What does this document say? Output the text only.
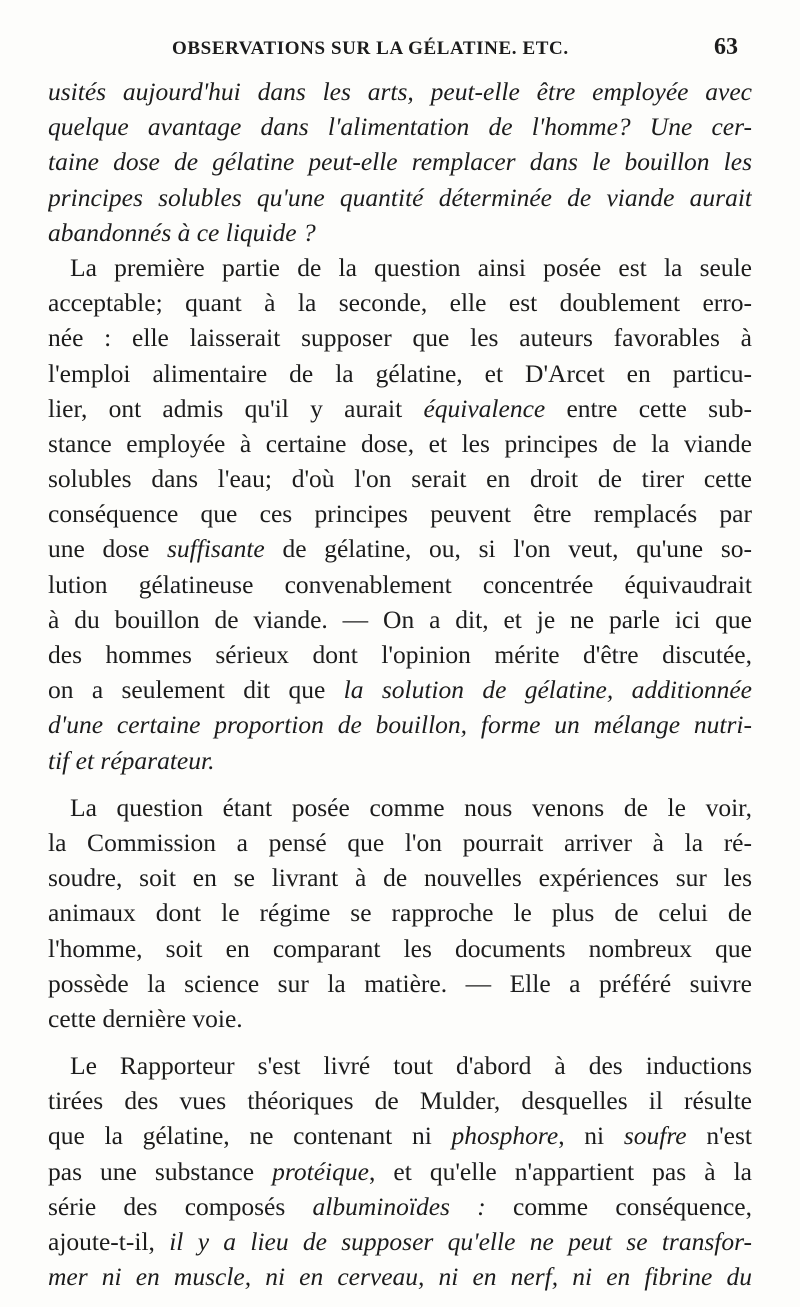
OBSERVATIONS SUR LA GÉLATINE. ETC.	63
usités aujourd'hui dans les arts, peut-elle être employée avec
quelque avantage dans l'alimentation de l'homme? Une cer-
taine dose de gélatine peut-elle remplacer dans le bouillon les
principes solubles qu'une quantité déterminée de viande aurait
abandonnés à ce liquide ?
La première partie de la question ainsi posée est la seule
acceptable; quant à la seconde, elle est doublement erro-
née : elle laisserait supposer que les auteurs favorables à
l'emploi alimentaire de la gélatine, et D'Arcet en particu-
lier, ont admis qu'il y aurait équivalence entre cette sub-
stance employée à certaine dose, et les principes de la viande
solubles dans l'eau; d'où l'on serait en droit de tirer cette
conséquence que ces principes peuvent être remplacés par
une dose suffisante de gélatine, ou, si l'on veut, qu'une so-
lution gélatineuse convenablement concentrée équivaudrait
à du bouillon de viande. — On a dit, et je ne parle ici que
des hommes sérieux dont l'opinion mérite d'être discutée,
on a seulement dit que la solution de gélatine, additionnée
d'une certaine proportion de bouillon, forme un mélange nutri-
tif et réparateur.
La question étant posée comme nous venons de le voir,
la Commission a pensé que l'on pourrait arriver à la ré-
soudre, soit en se livrant à de nouvelles expériences sur les
animaux dont le régime se rapproche le plus de celui de
l'homme, soit en comparant les documents nombreux que
possède la science sur la matière. — Elle a préféré suivre
cette dernière voie.
Le Rapporteur s'est livré tout d'abord à des inductions
tirées des vues théoriques de Mulder, desquelles il résulte
que la gélatine, ne contenant ni phosphore, ni soufre n'est
pas une substance protéique, et qu'elle n'appartient pas à la
série des composés albuminoïdes : comme conséquence,
ajoute-t-il, il y a lieu de supposer qu'elle ne peut se transfor-
mer ni en muscle, ni en cerveau, ni en nerf, ni en fibrine du
